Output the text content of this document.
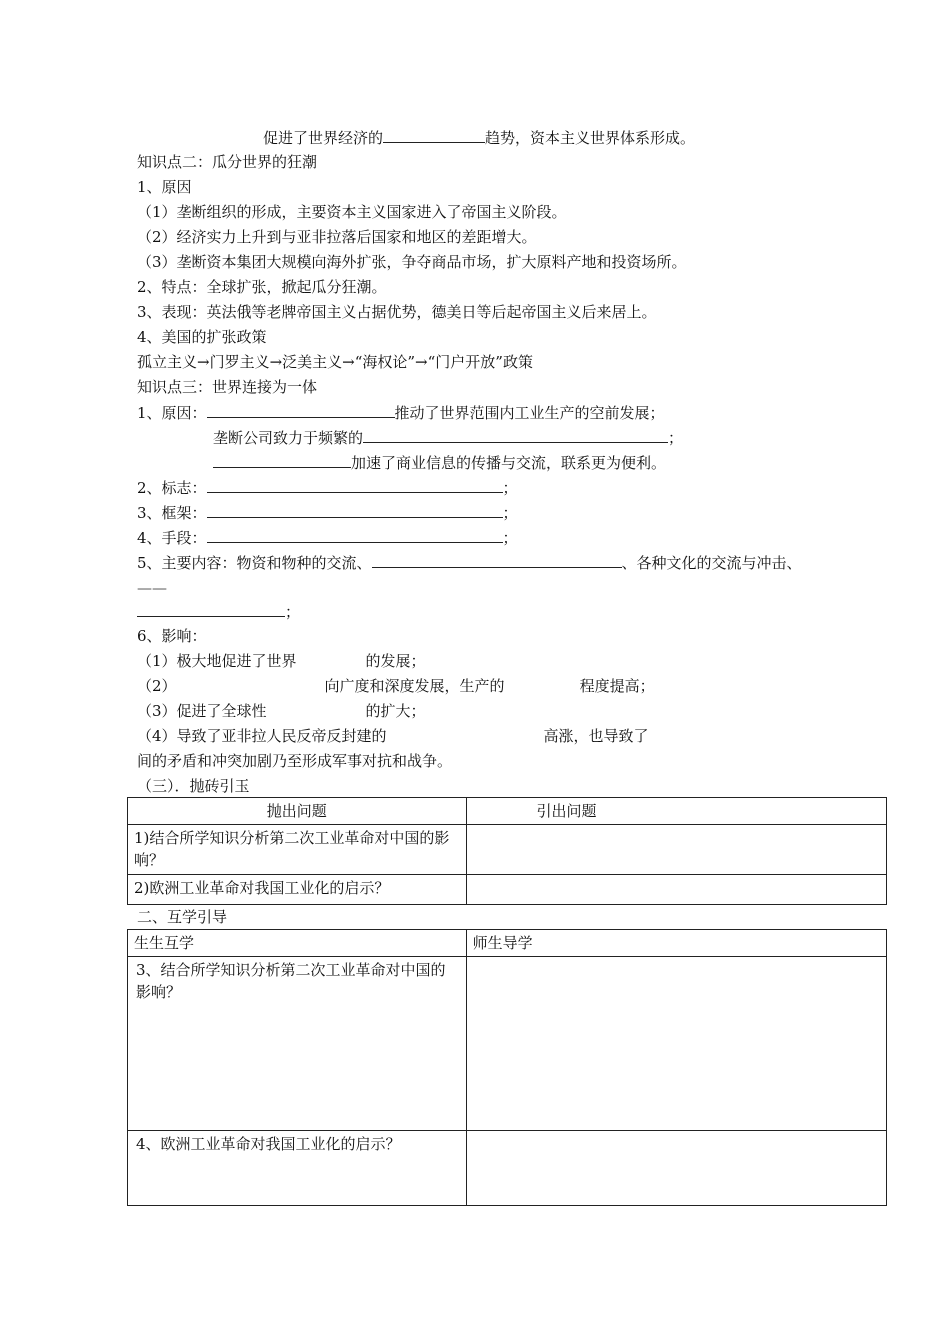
促进了世界经济的	趋势，资本主义世界体系形成。
知识点二：瓜分世界的狂潮
1、原因
（1）垄断组织的形成，主要资本主义国家进入了帝国主义阶段。
（2）经济实力上升到与亚非拉落后国家和地区的差距增大。
（3）垄断资本集团大规模向海外扩张，争夺商品市场，扩大原料产地和投资场所。
2、特点：全球扩张，掀起瓜分狂潮。
3、表现：英法俄等老牌帝国主义占据优势，德美日等后起帝国主义后来居上。
4、美国的扩张政策
孤立主义→门罗主义→泛美主义→“海权论”→“门户开放”政策
知识点三：世界连接为一体
1、原因：	推动了世界范围内工业生产的空前发展；
垄断公司致力于频繁的	；
加速了商业信息的传播与交流，联系更为便利。
2、标志：	；
3、框架：	；
4、手段：	；
5、主要内容：物资和物种的交流、	、各种文化的交流与冲击、
——
；
6、影响：
（1）极大地促进了世界	的发展；
（2）	向广度和深度发展，生产的	程度提高；
（3）促进了全球性	的扩大；
（4）导致了亚非拉人民反帝反封建的	高涨，也导致了
间的矛盾和冲突加剧乃至形成军事对抗和战争。
（三）．抛砖引玉
抛出问题	引出问题
1)结合所学知识分析第二次工业革命对中国的影响？	
2)欧洲工业革命对我国工业化的启示？	
二、互学引导
生生互学	师生导学
3、结合所学知识分析第二次工业革命对中国的影响？	
4、欧洲工业革命对我国工业化的启示？	
